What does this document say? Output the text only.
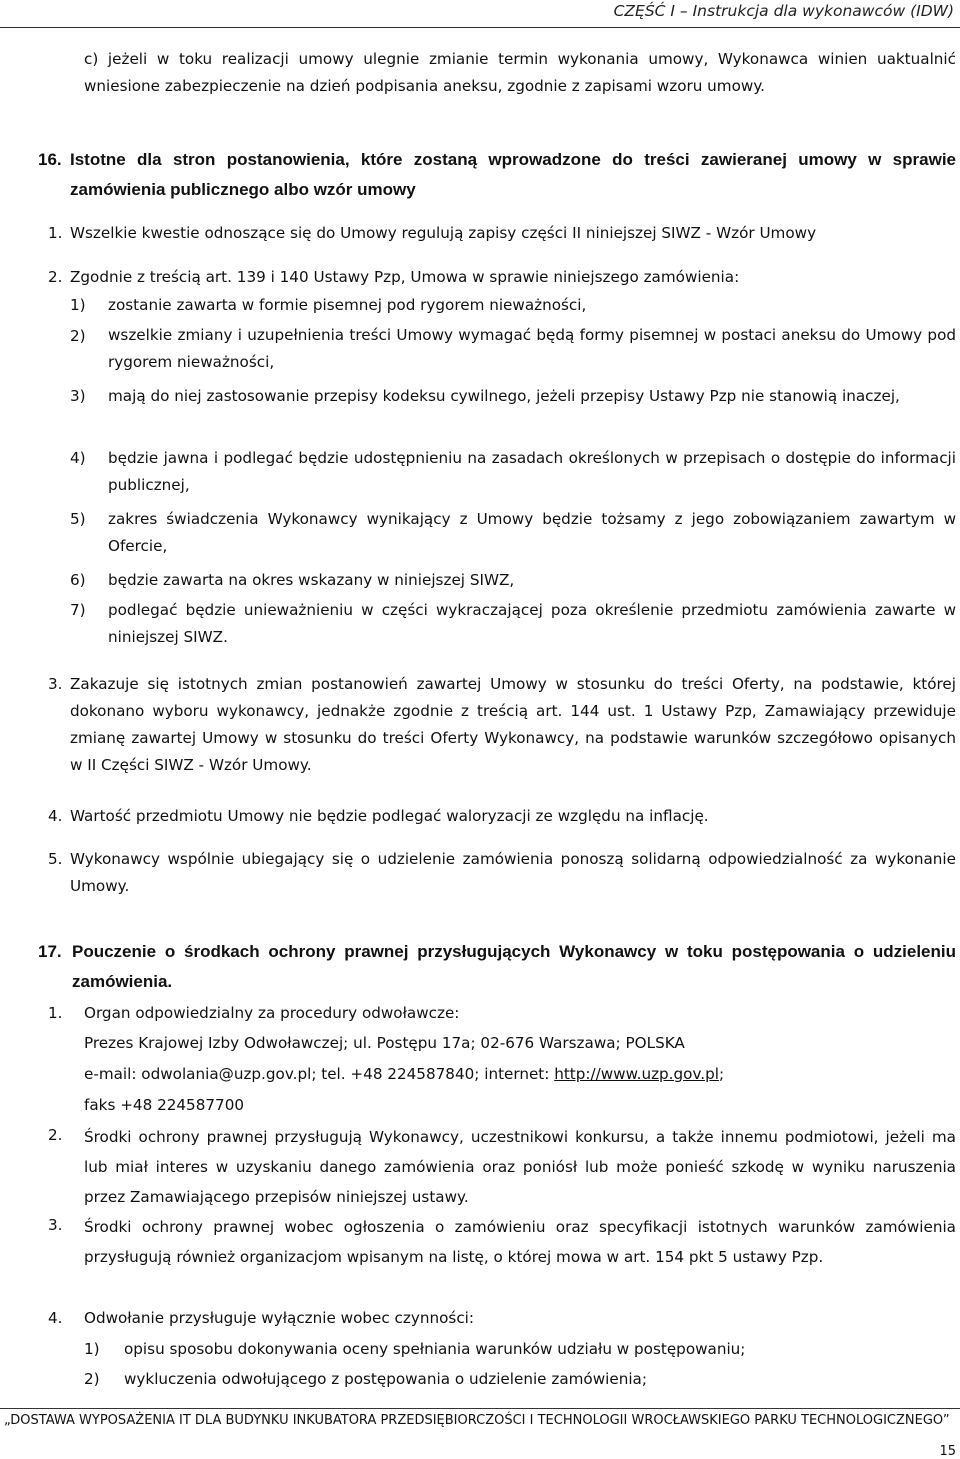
CZĘŚĆ I – Instrukcja dla wykonawców (IDW)

c) jeżeli w toku realizacji umowy ulegnie zmianie termin wykonania umowy, Wykonawca winien uaktualnić wniesione zabezpieczenie na dzień podpisania aneksu, zgodnie z zapisami wzoru umowy.

16. Istotne dla stron postanowienia, które zostaną wprowadzone do treści zawieranej umowy w sprawie zamówienia publicznego albo wzór umowy
1. Wszelkie kwestie odnoszące się do Umowy regulują zapisy części II niniejszej SIWZ - Wzór Umowy
2. Zgodnie z treścią art. 139 i 140 Ustawy Pzp, Umowa w sprawie niniejszego zamówienia:
1)	zostanie zawarta w formie pisemnej pod rygorem nieważności,
2)	wszelkie zmiany i uzupełnienia treści Umowy wymagać będą formy pisemnej w postaci aneksu do Umowy pod rygorem nieważności,

3)	mają do niej zastosowanie przepisy kodeksu cywilnego, jeżeli przepisy Ustawy Pzp nie stanowią inaczej,
4)	będzie jawna i podlegać będzie udostępnieniu na zasadach określonych w przepisach o dostępie do informacji publicznej,
5)	zakres świadczenia Wykonawcy wynikający z Umowy będzie tożsamy z jego zobowiązaniem zawartym w Ofercie,
6)	będzie zawarta na okres wskazany w niniejszej SIWZ,
7)	podlegać będzie unieważnieniu w części wykraczającej poza określenie przedmiotu zamówienia zawarte w niniejszej SIWZ.
3. Zakazuje się istotnych zmian postanowień zawartej Umowy w stosunku do treści Oferty, na podstawie, której dokonano wyboru wykonawcy, jednakże zgodnie z treścią art. 144 ust. 1 Ustawy Pzp, Zamawiający przewiduje zmianę zawartej Umowy w stosunku do treści Oferty Wykonawcy, na podstawie warunków szczegółowo opisanych w II Części SIWZ - Wzór Umowy.
4. Wartość przedmiotu Umowy nie będzie podlegać waloryzacji ze względu na inflację.
5. Wykonawcy wspólnie ubiegający się o udzielenie zamówienia ponoszą solidarną odpowiedzialność za wykonanie Umowy.
17. Pouczenie o środkach ochrony prawnej przysługujących Wykonawcy w toku postępowania o udzieleniu zamówienia.
1.	Organ odpowiedzialny za procedury odwoławcze:

Prezes Krajowej Izby Odwoławczej; ul. Postępu 17a; 02-676 Warszawa; POLSKA

e-mail: odwolania@uzp.gov.pl; tel. +48 224587840; internet: http://www.uzp.gov.pl;

faks +48 224587700

2.	Środki ochrony prawnej przysługują Wykonawcy, uczestnikowi konkursu, a także innemu podmiotowi, jeżeli ma lub miał interes w uzyskaniu danego zamówienia oraz poniósł lub może ponieść szkodę w wyniku naruszenia przez Zamawiającego przepisów niniejszej ustawy.
3.	Środki ochrony prawnej wobec ogłoszenia o zamówieniu oraz specyfikacji istotnych warunków zamówienia przysługują również organizacjom wpisanym na listę, o której mowa w art. 154 pkt 5 ustawy Pzp.
4.	Odwołanie przysługuje wyłącznie wobec czynności:
1)	opisu sposobu dokonywania oceny spełniania warunków udziału w postępowaniu;
2)	wykluczenia odwołującego z postępowania o udzielenie zamówienia;
„DOSTAWA WYPOSAŻENIA IT DLA BUDYNKU INKUBATORA PRZEDSIĘBIORCZOŚCI I TECHNOLOGII WROCŁAWSKIEGO PARKU TECHNOLOGICZNEGO”
15
